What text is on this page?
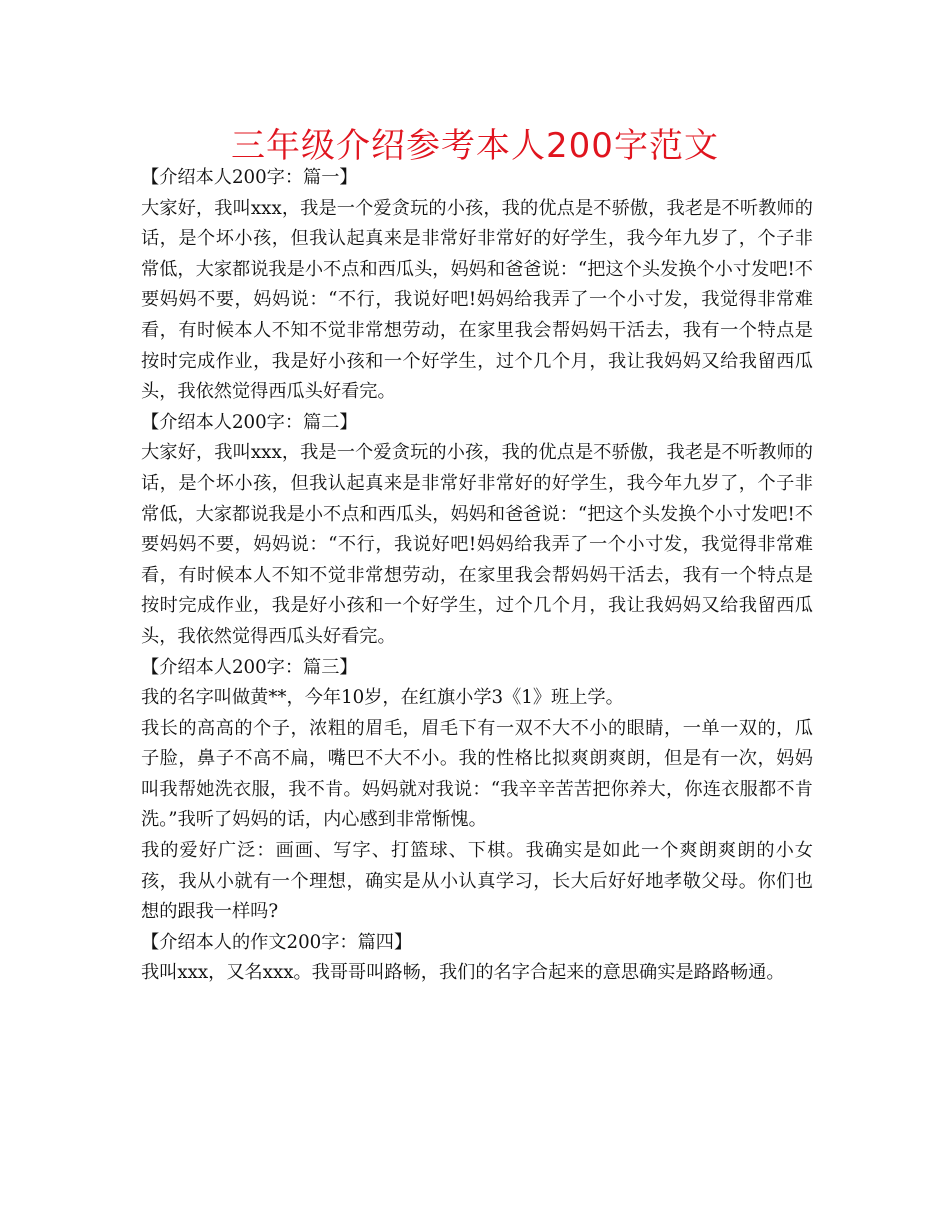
三年级介绍参考本人200字范文

【介绍本人200字：篇一】

大家好，我叫xxx，我是一个爱贪玩的小孩，我的优点是不骄傲，我老是不听教师的话，是个坏小孩，但我认起真来是非常好非常好的好学生，我今年九岁了，个子非常低，大家都说我是小不点和西瓜头，妈妈和爸爸说：“把这个头发换个小寸发吧!不要妈妈不要，妈妈说：“不行，我说好吧!妈妈给我弄了一个小寸发，我觉得非常难看，有时候本人不知不觉非常想劳动，在家里我会帮妈妈干活去，我有一个特点是按时完成作业，我是好小孩和一个好学生，过个几个月，我让我妈妈又给我留西瓜头，我依然觉得西瓜头好看完。

【介绍本人200字：篇二】

大家好，我叫xxx，我是一个爱贪玩的小孩，我的优点是不骄傲，我老是不听教师的话，是个坏小孩，但我认起真来是非常好非常好的好学生，我今年九岁了，个子非常低，大家都说我是小不点和西瓜头，妈妈和爸爸说：“把这个头发换个小寸发吧!不要妈妈不要，妈妈说：“不行，我说好吧!妈妈给我弄了一个小寸发，我觉得非常难看，有时候本人不知不觉非常想劳动，在家里我会帮妈妈干活去，我有一个特点是按时完成作业，我是好小孩和一个好学生，过个几个月，我让我妈妈又给我留西瓜头，我依然觉得西瓜头好看完。

【介绍本人200字：篇三】

我的名字叫做黄**，今年10岁，在红旗小学3《1》班上学。

我长的高高的个子，浓粗的眉毛，眉毛下有一双不大不小的眼睛，一单一双的，瓜子脸，鼻子不高不扁，嘴巴不大不小。我的性格比拟爽朗爽朗，但是有一次，妈妈叫我帮她洗衣服，我不肯。妈妈就对我说：“我辛辛苦苦把你养大，你连衣服都不肯洗。”我听了妈妈的话，内心感到非常惭愧。

我的爱好广泛：画画、写字、打篮球、下棋。我确实是如此一个爽朗爽朗的小女孩，我从小就有一个理想，确实是从小认真学习，长大后好好地孝敬父母。你们也想的跟我一样吗?

【介绍本人的作文200字：篇四】

我叫xxx，又名xxx。我哥哥叫路畅，我们的名字合起来的意思确实是路路畅通。
